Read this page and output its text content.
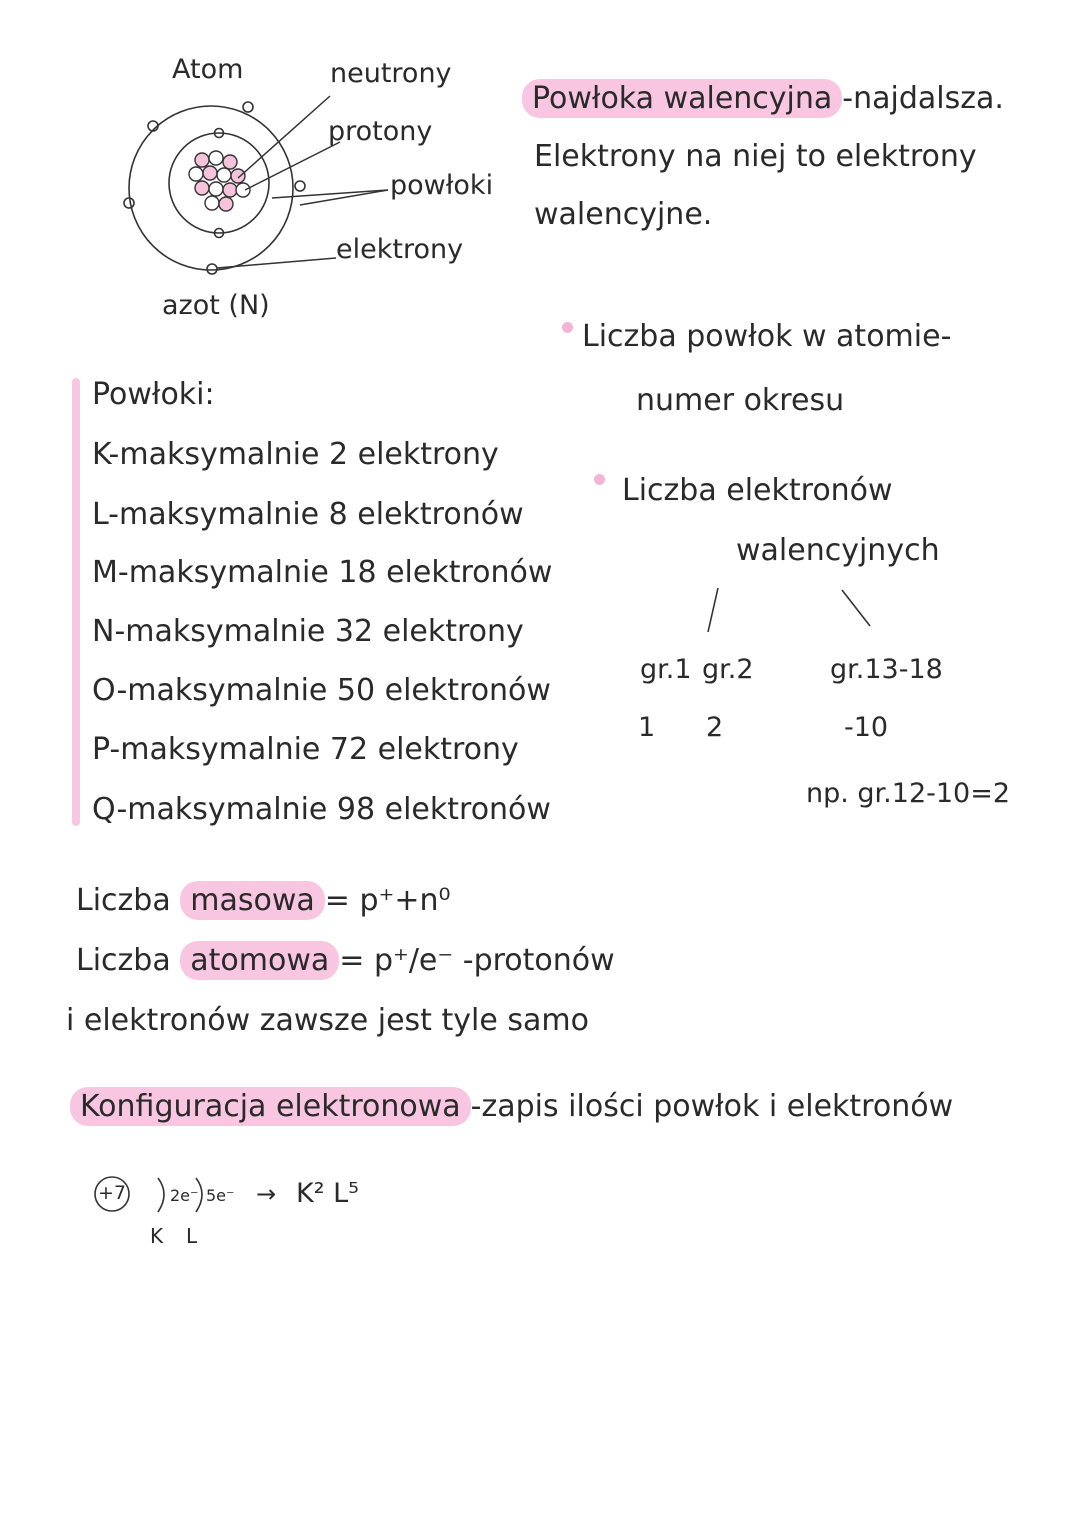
Atom	neutrony
protony
powłoki
elektrony
azot (N)
Powłoka walencyjna -najdalsza.
Elektrony na niej to elektrony
walencyjne.
Powłoki:
K-maksymalnie 2 elektrony
L-maksymalnie 8 elektronów
M-maksymalnie 18 elektronów
N-maksymalnie 32 elektrony
O-maksymalnie 50 elektronów
P-maksymalnie 72 elektrony
Q-maksymalnie 98 elektronów
Liczba powłok w atomie-
numer okresu
Liczba elektronów
walencyjnych
gr.1 gr.2	gr.13-18
1 2	-10
np. gr.12-10=2
Liczba masowa = p⁺+n⁰
Liczba atomowa = p⁺/e⁻ -protonów
i elektronów zawsze jest tyle samo
Konfiguracja elektronowa -zapis ilości powłok i elektronów
+7	2e⁻ 5e⁻ → K² L⁵
K L
